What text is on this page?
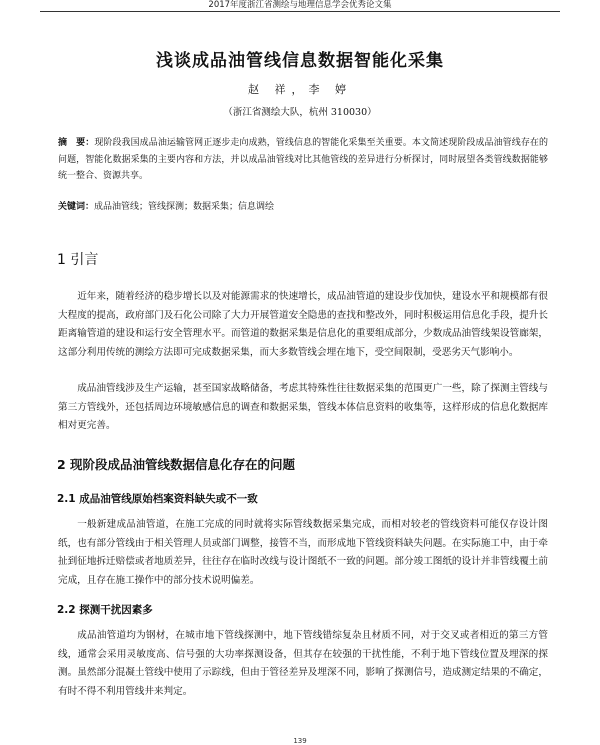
2017年度浙江省测绘与地理信息学会优秀论文集
浅谈成品油管线信息数据智能化采集
赵 祥，李 婷
（浙江省测绘大队，杭州 310030）
摘　要：现阶段我国成品油运输管网正逐步走向成熟，管线信息的智能化采集至关重要。本文简述现阶段成品油管线存在的问题，智能化数据采集的主要内容和方法，并以成品油管线对比其他管线的差异进行分析探讨，同时展望各类管线数据能够统一整合、资源共享。
关键词：成品油管线；管线探测；数据采集；信息调绘
1 引言

近年来，随着经济的稳步增长以及对能源需求的快速增长，成品油管道的建设步伐加快，建设水平和规模都有很大程度的提高，政府部门及石化公司除了大力开展管道安全隐患的查找和整改外，同时积极运用信息化手段，提升长距离输管道的建设和运行安全管理水平。而管道的数据采集是信息化的重要组成部分，少数成品油管线架设管廊架，这部分利用传统的测绘方法即可完成数据采集，而大多数管线会埋在地下，受空间限制，受恶劣天气影响小。

成品油管线涉及生产运输，甚至国家战略储备，考虑其特殊性往往数据采集的范围更广一些，除了探测主管线与第三方管线外，还包括周边环境敏感信息的调查和数据采集，管线本体信息资料的收集等，这样形成的信息化数据库相对更完善。

2 现阶段成品油管线数据信息化存在的问题
2.1 成品油管线原始档案资料缺失或不一致

一般新建成品油管道，在施工完成的同时就将实际管线数据采集完成，而相对较老的管线资料可能仅存设计图纸，也有部分管线由于相关管理人员或部门调整，接管不当，而形成地下管线资料缺失问题。在实际施工中，由于牵扯到征地拆迁赔偿或者地质差异，往往存在临时改线与设计图纸不一致的问题。部分竣工图纸的设计并非管线覆土前完成，且存在施工操作中的部分技术说明偏差。

2.2 探测干扰因素多

成品油管道均为钢材，在城市地下管线探测中，地下管线错综复杂且材质不同，对于交叉或者相近的第三方管线，通常会采用灵敏度高、信号强的大功率探测设备，但其存在较强的干扰性能，不利于地下管线位置及埋深的探测。虽然部分混凝土管线中使用了示踪线，但由于管径差异及埋深不同，影响了探测信号，造成测定结果的不确定，有时不得不利用管线井来判定。

139
